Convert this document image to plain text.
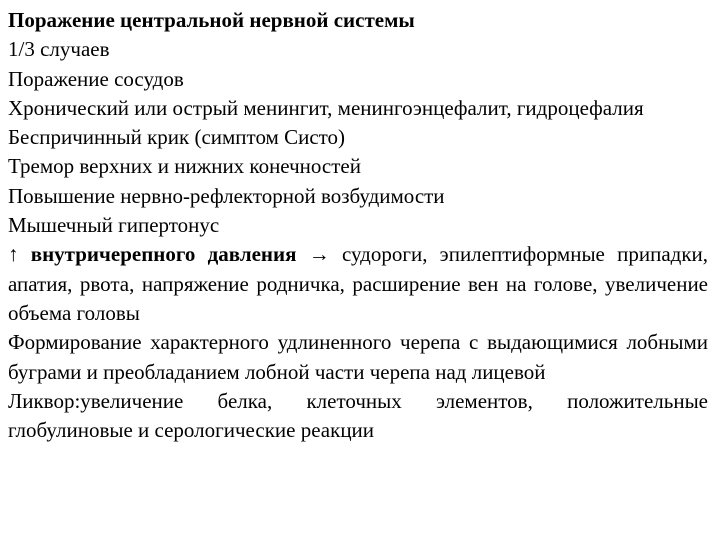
Поражение центральной нервной системы

1/3 случаев

Поражение сосудов

Хронический или острый менингит, менингоэнцефалит, гидроцефалия

Беспричинный крик (симптом Систо)

Тремор верхних и нижних конечностей

Повышение нервно-рефлекторной возбудимости

Мышечный гипертонус

↑ внутричерепного давления → судороги, эпилептиформные припадки, апатия, рвота, напряжение родничка, расширение вен на голове, увеличение объема головы

Формирование характерного удлиненного черепа с выдающимися лобными буграми и преобладанием лобной части черепа над лицевой

Ликвор:увеличение белка, клеточных элементов, положительные глобулиновые и серологические реакции
